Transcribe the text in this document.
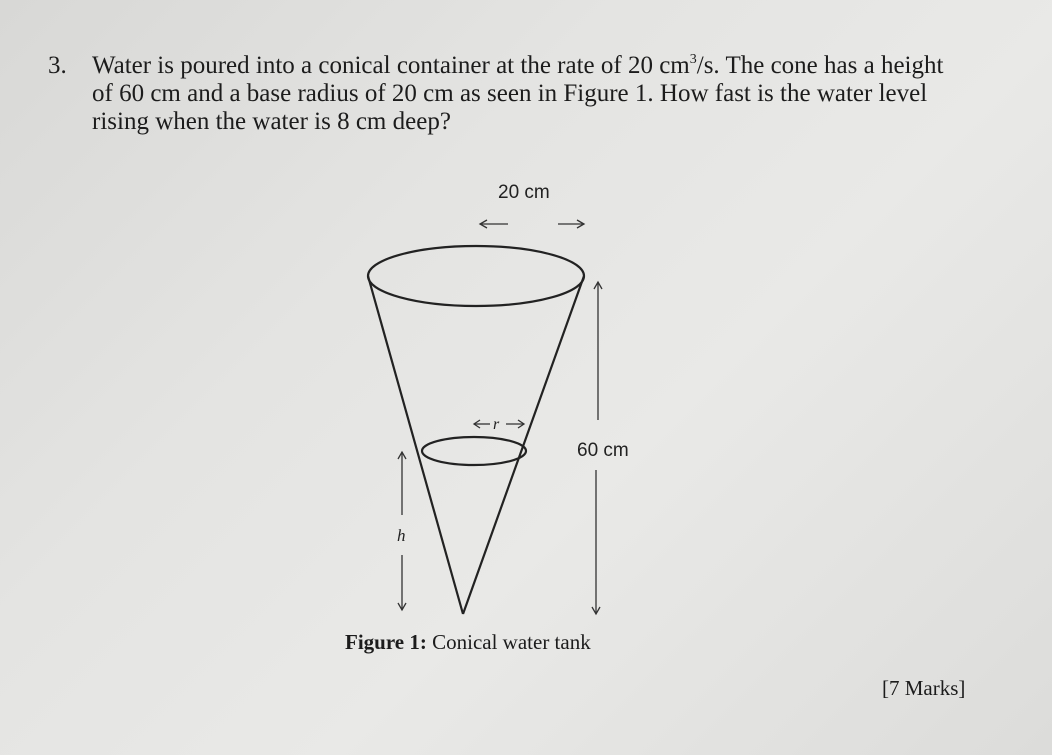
3. Water is poured into a conical container at the rate of 20 $cm^3/s$. The cone has a height
of 60 cm and a base radius of 20 cm as seen in Figure 1. How fast is the water level
rising when the water is 8 cm deep?
20 cm
60 cm
r
h
Figure 1: Conical water tank
[7 Marks]
